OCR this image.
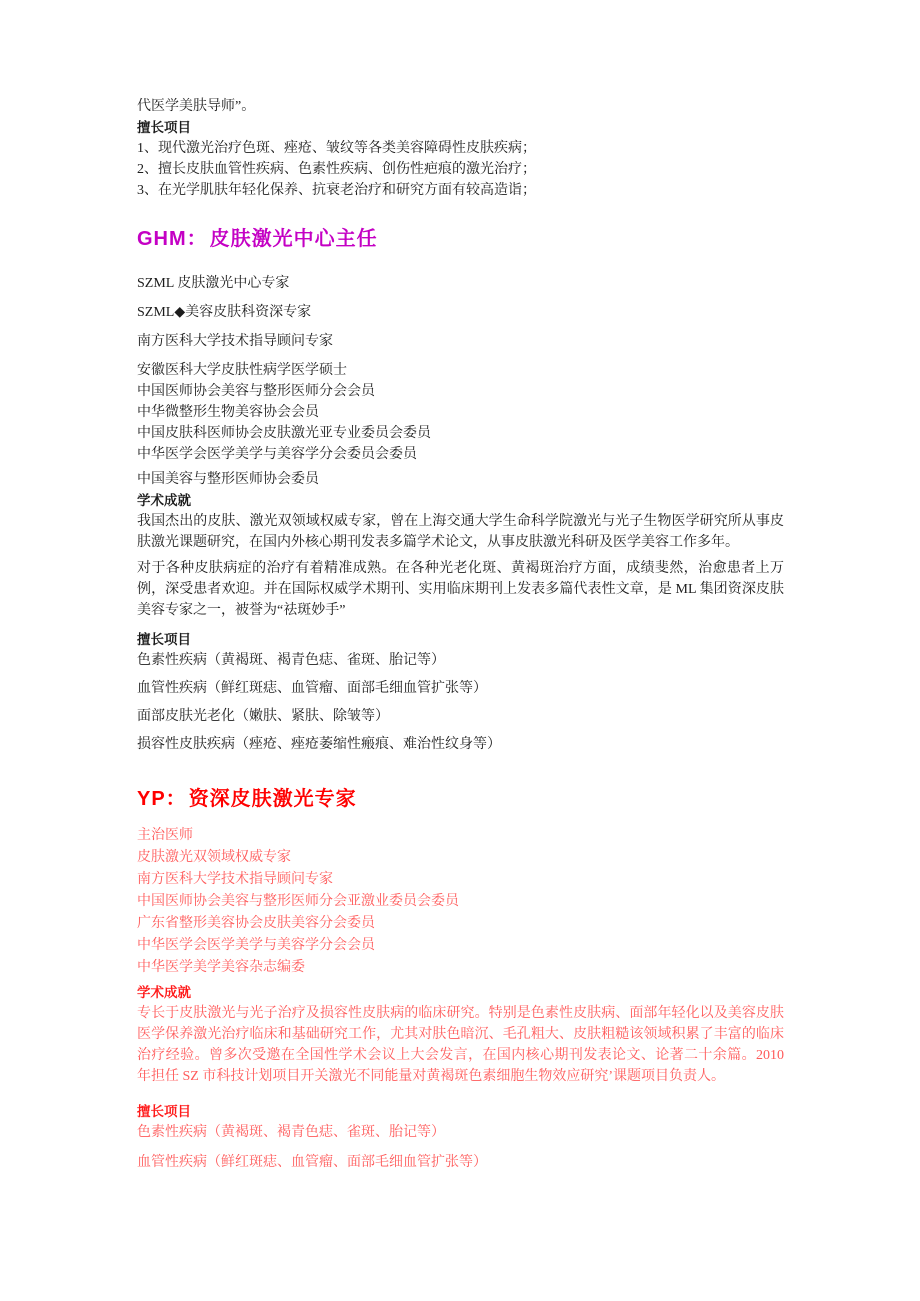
代医学美肤导师”。

擅长项目

1、现代激光治疗色斑、痤疮、皱纹等各类美容障碍性皮肤疾病；

2、擅长皮肤血管性疾病、色素性疾病、创伤性疤痕的激光治疗；

3、在光学肌肤年轻化保养、抗衰老治疗和研究方面有较高造诣；

GHM： 皮肤激光中心主任

SZML 皮肤激光中心专家

SZML◆美容皮肤科资深专家

南方医科大学技术指导顾问专家

安徽医科大学皮肤性病学医学硕士

中国医师协会美容与整形医师分会会员

中华微整形生物美容协会会员

中国皮肤科医师协会皮肤激光亚专业委员会委员

中华医学会医学美学与美容学分会委员会委员

中国美容与整形医师协会委员

学术成就

我国杰出的皮肤、激光双领域权威专家，曾在上海交通大学生命科学院激光与光子生物医学研究所从事皮肤激光课题研究，在国内外核心期刊发表多篇学术论文，从事皮肤激光科研及医学美容工作多年。

对于各种皮肤病症的治疗有着精准成熟。在各种光老化斑、黄褐斑治疗方面，成绩斐然，治愈患者上万例，深受患者欢迎。并在国际权威学术期刊、实用临床期刊上发表多篇代表性文章，是 ML 集团资深皮肤美容专家之一，被誉为“祛斑妙手”

擅长项目

色素性疾病（黄褐斑、褐青色痣、雀斑、胎记等）

血管性疾病（鲜红斑痣、血管瘤、面部毛细血管扩张等）

面部皮肤光老化（嫩肤、紧肤、除皱等）

损容性皮肤疾病（痤疮、痤疮萎缩性瘢痕、难治性纹身等）

YP： 资深皮肤激光专家

主治医师

皮肤激光双领域权威专家

南方医科大学技术指导顾问专家

中国医师协会美容与整形医师分会亚激业委员会委员

广东省整形美容协会皮肤美容分会委员

中华医学会医学美学与美容学分会会员

中华医学美学美容杂志编委

学术成就

专长于皮肤激光与光子治疗及损容性皮肤病的临床研究。特别是色素性皮肤病、面部年轻化以及美容皮肤医学保养激光治疗临床和基础研究工作，尤其对肤色暗沉、毛孔粗大、皮肤粗糙该领域积累了丰富的临床治疗经验。曾多次受邀在全国性学术会议上大会发言，在国内核心期刊发表论文、论著二十余篇。2010 年担任 SZ 市科技计划项目开关激光不同能量对黄褐斑色素细胞生物效应研究’课题项目负责人。

擅长项目

色素性疾病（黄褐斑、褐青色痣、雀斑、胎记等）

血管性疾病（鲜红斑痣、血管瘤、面部毛细血管扩张等）
